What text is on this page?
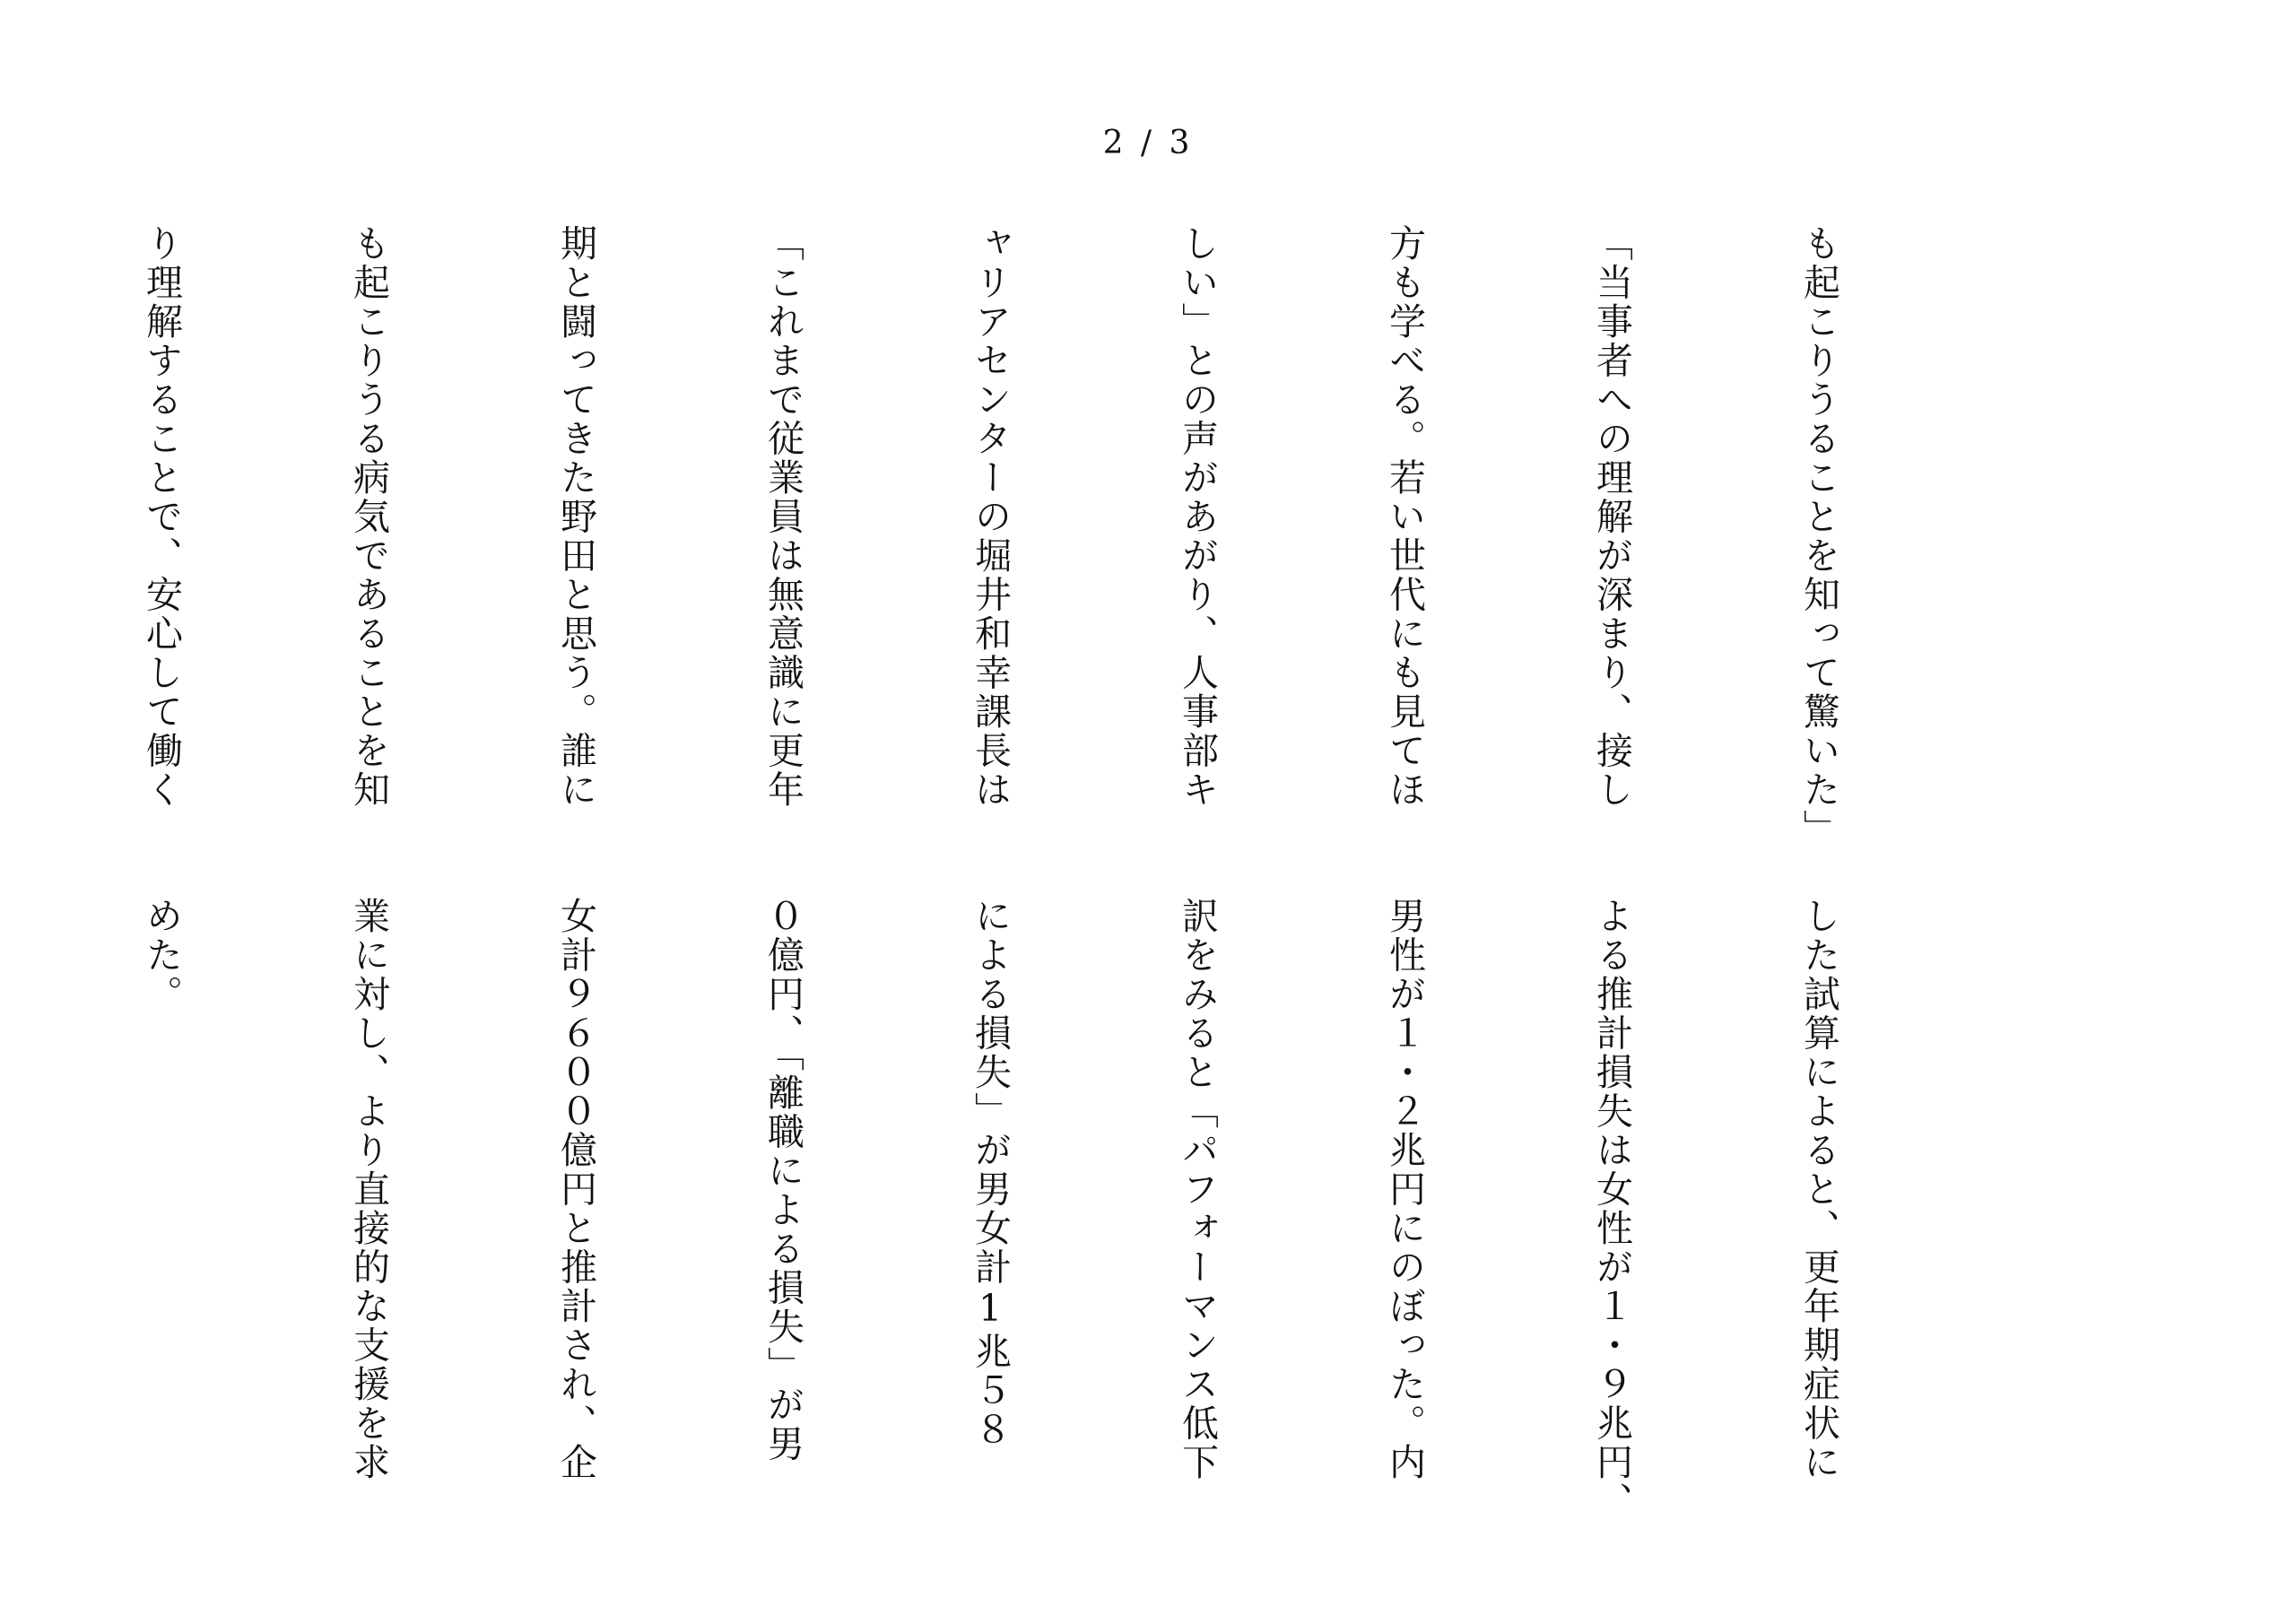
2 / 3

も起こりうることを知って驚いた」

「当事者への理解が深まり、接し

方も学べる。若い世代にも見てほ

しい」との声があがり、人事部キ

ャリアセンターの堀井和幸課長は

「これまで従業員は無意識に更年

期と闘ってきた野田と思う。誰に

も起こりうる病気であることを知

り理解することで、安心して働く

した試算によると、更年期症状に

よる推計損失は女性が１・９兆円、

男性が１・２兆円にのぼった。内

訳をみると「パフォーマンス低下

による損失」が男女計1兆５８

０億円、「離職による損失」が男

女計９６００億円と推計され、企

業に対し、より直接的な支援を求

めた。
